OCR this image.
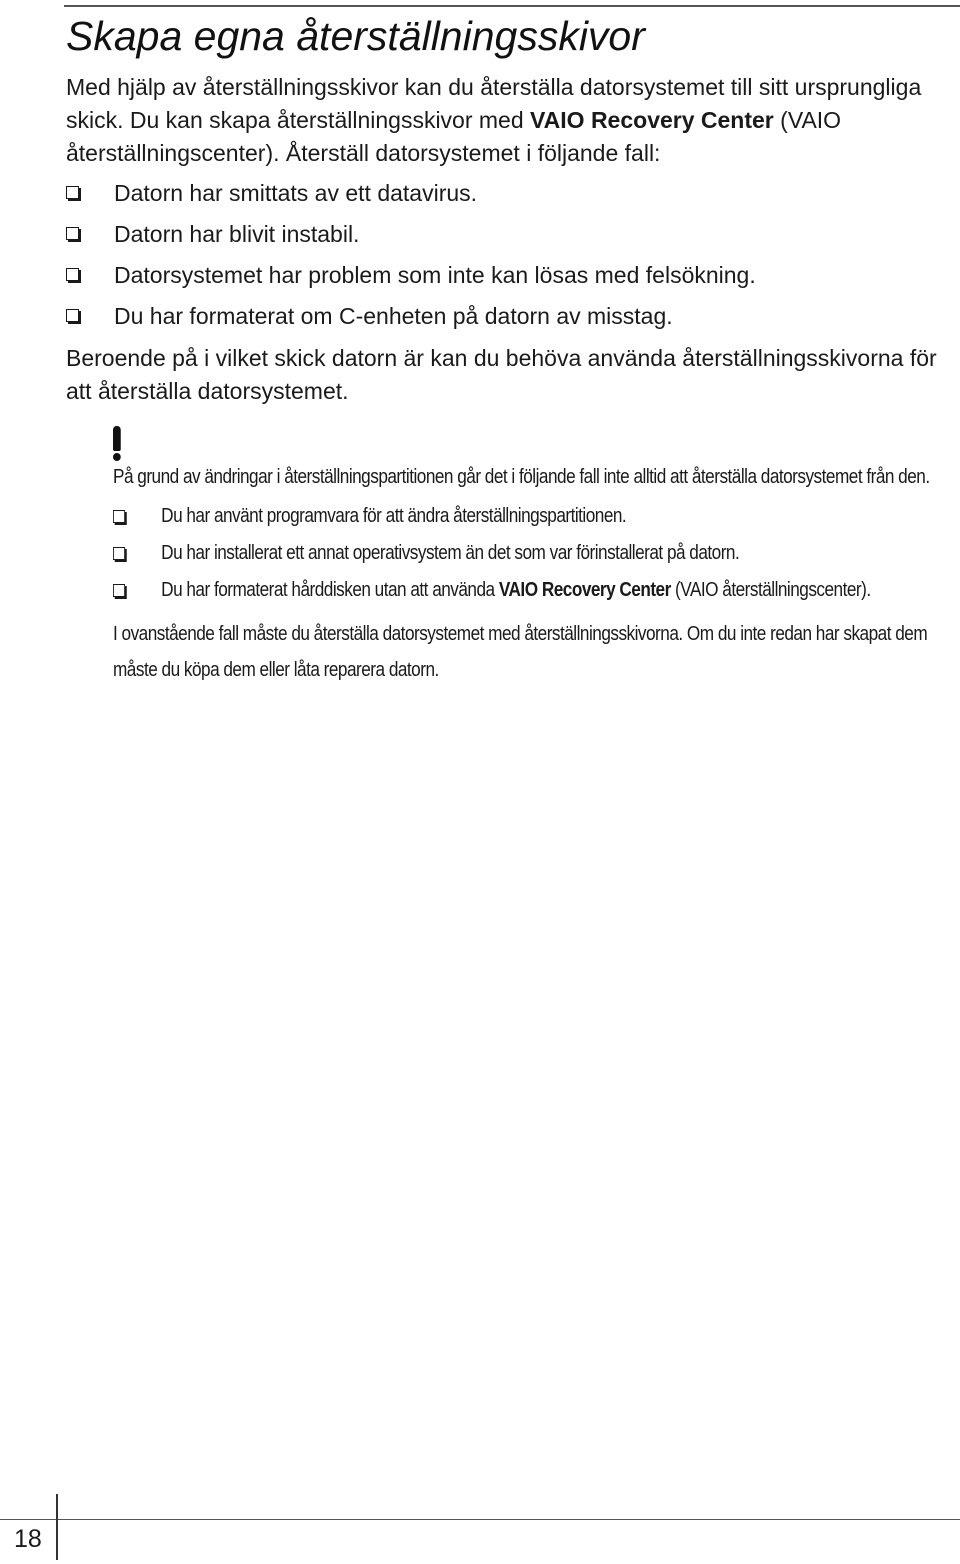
Skapa egna återställningsskivor

Med hjälp av återställningsskivor kan du återställa datorsystemet till sitt ursprungliga skick. Du kan skapa återställningsskivor med VAIO Recovery Center (VAIO återställningscenter). Återställ datorsystemet i följande fall:

Datorn har smittats av ett datavirus.
Datorn har blivit instabil.
Datorsystemet har problem som inte kan lösas med felsökning.
Du har formaterat om C-enheten på datorn av misstag.

Beroende på i vilket skick datorn är kan du behöva använda återställningsskivorna för att återställa datorsystemet.

På grund av ändringar i återställningspartitionen går det i följande fall inte alltid att återställa datorsystemet från den.

Du har använt programvara för att ändra återställningspartitionen.
Du har installerat ett annat operativsystem än det som var förinstallerat på datorn.
Du har formaterat hårddisken utan att använda VAIO Recovery Center (VAIO återställningscenter).

I ovanstående fall måste du återställa datorsystemet med återställningsskivorna. Om du inte redan har skapat dem måste du köpa dem eller låta reparera datorn.

18
